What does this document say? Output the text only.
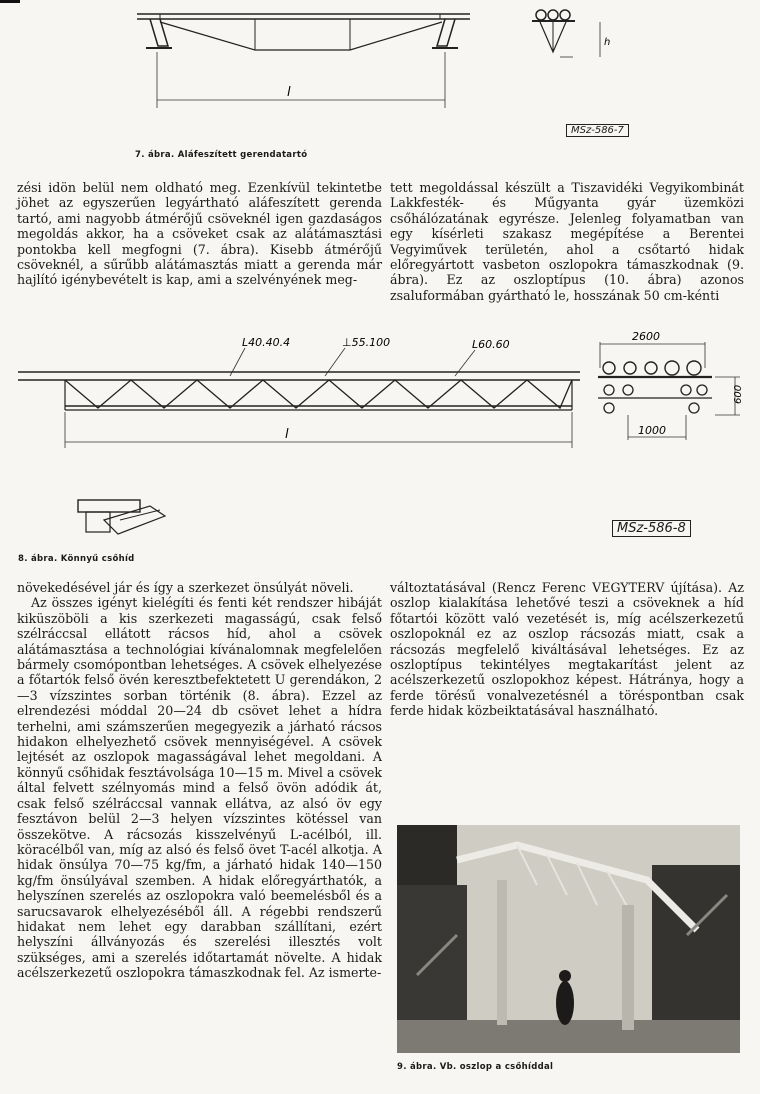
l
h
MSz-586-7
7. ábra. Aláfeszített gerendatartó
zési idön belül nem oldható meg. Ezenkívül tekintetbe jöhet az egyszerűen legyártható aláfeszített gerenda tartó, ami nagyobb átmérőjű csöveknél igen gazdaságos megoldás akkor, ha a csöveket csak az alátámasztási pontokba kell megfogni (7. ábra). Kisebb átmérőjű csöveknél, a sűrűbb alátámasztás miatt a gerenda már hajlító igénybevételt is kap, ami a szelvényének meg-
tett megoldással készült a Tiszavidéki Vegyikombinát Lakkfesték- és Műgyanta gyár üzemközi csőhálózatának egyrésze. Jelenleg folyamatban van egy kísérleti szakasz megépítése a Berentei Vegyiművek területén, ahol a csőtartó hidak előregyártott vasbeton oszlopokra támaszkodnak (9. ábra). Ez az oszloptípus (10. ábra) azonos zsaluformában gyártható le, hosszának 50 cm-kénti
L40.40.4	⊥55.100	L60.60
l
2600
600
1000
MSz-586-8
8. ábra. Könnyű csőhíd

növekedésével jár és így a szerkezet önsúlyát növeli.

Az összes igényt kielégíti és fenti két rendszer hibáját kiküszöböli a kis szerkezeti magasságú, csak felső szélráccsal ellátott rácsos híd, ahol a csövek alátámasztása a technológiai kívánalomnak megfelelően bármely csomópontban lehetséges. A csövek elhelyezése a főtartók felső övén keresztbefektetett U gerendákon, 2—3 vízszintes sorban történik (8. ábra). Ezzel az elrendezési móddal 20—24 db csövet lehet a hídra terhelni, ami számszerűen megegyezik a járható rácsos hidakon elhelyezhető csövek mennyiségével. A csövek lejtését az oszlopok magasságával lehet megoldani. A könnyű csőhidak fesztávolsága 10—15 m. Mivel a csövek által felvett szélnyomás mind a felső övön adódik át, csak felső szélráccsal vannak ellátva, az alsó öv egy fesztávon belül 2—3 helyen vízszintes kötéssel van összekötve. A rácsozás kisszelvényű L-acélból, ill. köracélből van, míg az alsó és felső övet T-acél alkotja. A hidak önsúlya 70—75 kg/fm, a járható hidak 140—150 kg/fm önsúlyával szemben. A hidak előregyárthatók, a helyszínen szerelés az oszlopokra való beemelésből és a sarucsavarok elhelyezéséből áll. A régebbi rendszerű hidakat nem lehet egy darabban szállítani, ezért helyszíni állványozás és szerelési illesztés volt szükséges, ami a szerelés időtartamát növelte. A hidak acélszerkezetű oszlopokra támaszkodnak fel. Az ismerte-

változtatásával (Rencz Ferenc VEGYTERV újítása). Az oszlop kialakítása lehetővé teszi a csöveknek a híd főtartói között való vezetését is, míg acélszerkezetű oszlopoknál ez az oszlop rácsozás miatt, csak a rácsozás megfelelő kiváltásával lehetséges. Ez az oszloptípus tekintélyes megtakarítást jelent az acélszerkezetű oszlopokhoz képest. Hátránya, hogy a ferde törésű vonalvezetésnél a töréspontban csak ferde hidak közbeiktatásával használható.

9. ábra. Vb. oszlop a csőhíddal
